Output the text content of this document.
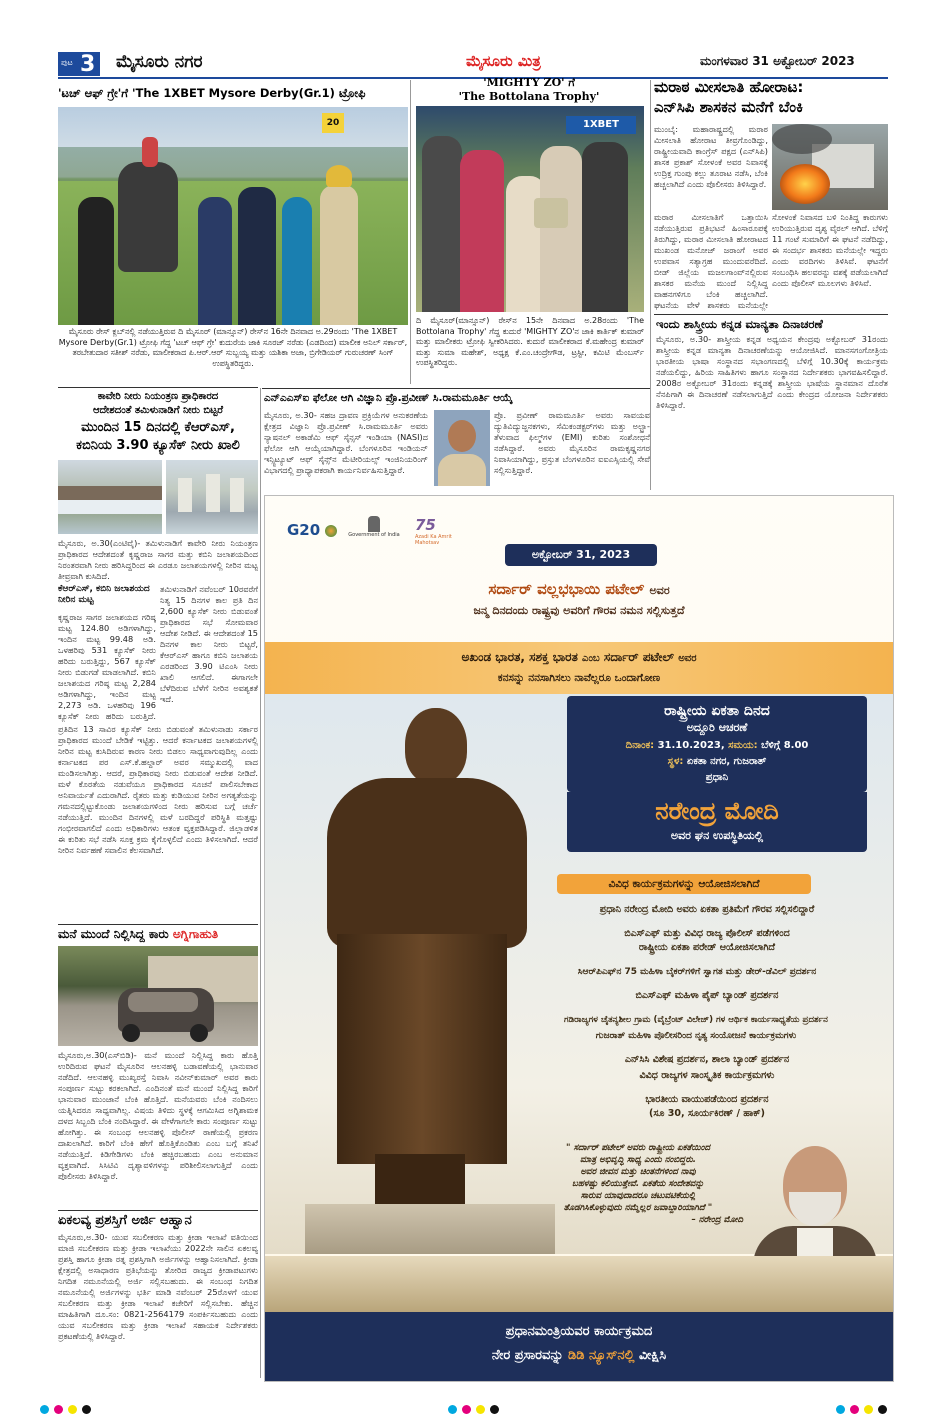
ಪುಟ 3 ಮೈಸೂರು ನಗರ	ಮೈಸೂರು ಮಿತ್ರ	ಮಂಗಳವಾರ 31 ಅಕ್ಟೋಬರ್ 2023
'ಟಚ್ ಆಫ್ ಗ್ರೇ'ಗೆ 'The 1XBET Mysore Derby(Gr.1) ಟ್ರೋಫಿ
20
ಮೈಸೂರು ರೇಸ್ ಕ್ಲಬ್‌ನಲ್ಲಿ ನಡೆಯುತ್ತಿರುವ ದಿ ಮೈಸೂರ್ (ಮಾನ್ಸೂನ್) ರೇಸ್‌ನ 16ನೇ ದಿನವಾದ ಅ.29ರಂದು 'The 1XBET Mysore Derby(Gr.1) ಟ್ರೋಫಿ ಗೆದ್ದ 'ಟಚ್ ಆಫ್ ಗ್ರೇ' ಕುದುರೆಯ ಜಾಕಿ ಸೂರಜ್ ನರೆಡು (ಎಡದಿಂದ) ಮಾಲೀಕ ಅನಿಲ್ ಸರ್ಕಾರ್, ತರಬೇತುದಾರ ಸತೀಶ್ ನರೆಡು, ಮಾಲೀಕರಾದ ಪಿ.ಆರ್.ಆರ್ ಸುಬ್ಬಯ್ಯ ಮತ್ತು ಯಶಿಕಾ ಅಜಾ, ಬ್ರಿಗೇಡಿಯರ್ ಗುರುಚರಣ್ ಸಿಂಗ್ ಉಪಸ್ಥಿತರಿದ್ದರು.
'MIGHTY ZO' ಗೆ
'The Bottolana Trophy'
1XBET
ದಿ ಮೈಸೂರ್(ಮಾನ್ಸೂನ್) ರೇಸ್‌ನ 15ನೇ ದಿನವಾದ ಅ.28ರಂದು 'The Bottolana Trophy' ಗೆದ್ದ ಕುದುರೆ 'MIGHTY ZO'ನ ಜಾಕಿ ಕಾರ್ತಿಕ್ ಕುಮಾರ್ ಮತ್ತು ಮಾಲೀಕರು ಟ್ರೋಫಿ ಸ್ವೀಕರಿಸಿದರು. ಕುದುರೆ ಮಾಲೀಕರಾದ ಕೆ.ಮಹೇಂದ್ರ ಕುಮಾರ್ ಮತ್ತು ಸುಮಾ ಮಹೇಶ್, ಅಧ್ಯಕ್ಷ ಕೆ.ಎಂ.ಚಂದ್ರೇಗೌಡ, ಟ್ರಸ್ಟೀ, ಕಮಿಟಿ ಮೆಂಬರ್ಸ್ ಉಪಸ್ಥಿತರಿದ್ದರು.
ಮರಾಠ ಮೀಸಲಾತಿ ಹೋರಾಟ:
ಎನ್‌ಸಿಪಿ ಶಾಸಕನ ಮನೆಗೆ ಬೆಂಕಿ
ಮುಂಬೈ: ಮಹಾರಾಷ್ಟ್ರದಲ್ಲಿ ಮರಾಠ ಮೀಸಲಾತಿ ಹೋರಾಟ ತೀವ್ರಗೊಂಡಿದ್ದು, ರಾಷ್ಟ್ರೀಯವಾದಿ ಕಾಂಗ್ರೆಸ್ ಪಕ್ಷದ (ಎನ್‌ಸಿಪಿ) ಶಾಸಕ ಪ್ರಕಾಶ್ ಸೋಳಂಕೆ ಅವರ ನಿವಾಸಕ್ಕೆ ಉದ್ರಿಕ್ತ ಗುಂಪು ಕಲ್ಲು ತೂರಾಟ ನಡೆಸಿ, ಬೆಂಕಿ ಹಚ್ಚಲಾಗಿದೆ ಎಂದು ಪೊಲೀಸರು ತಿಳಿಸಿದ್ದಾರೆ.
ಮರಾಠ ಮೀಸಲಾತಿಗೆ ಒತ್ತಾಯಿಸಿ ನಡೆಯುತ್ತಿರುವ ಪ್ರತಿಭಟನೆ ಹಿಂಸಾರೂಪಕ್ಕೆ ತಿರುಗಿದ್ದು, ಮರಾಠ ಮೀಸಲಾತಿ ಹೋರಾಟದ ಮುಖಂಡ ಮನೋಜ್ ಜರಾಂಗೆ ಅವರ ಉಪವಾಸ ಸತ್ಯಾಗ್ರಹ ಮುಂದುವರೆದಿದೆ. ಬೀಡ್ ಜಿಲ್ಲೆಯ ಮಜಲಗಾಂವ್‌ನಲ್ಲಿರುವ ಶಾಸಕರ ಮನೆಯ ಮುಂದೆ ನಿಲ್ಲಿಸಿದ್ದ ವಾಹನಗಳಿಗೂ ಬೆಂಕಿ ಹಚ್ಚಲಾಗಿದೆ. ಘಟನೆಯ ವೇಳೆ ಶಾಸಕರು ಮನೆಯಲ್ಲೇ
ಸೋಳಂಕೆ ನಿವಾಸದ ಬಳಿ ನಿಂತಿದ್ದ ಕಾರುಗಳು ಉರಿಯುತ್ತಿರುವ ದೃಶ್ಯ ವೈರಲ್ ಆಗಿದೆ. ಬೆಳಿಗ್ಗೆ 11 ಗಂಟೆ ಸುಮಾರಿಗೆ ಈ ಘಟನೆ ನಡೆದಿದ್ದು, ಈ ಸಂದರ್ಭ ಶಾಸಕರು ಮನೆಯಲ್ಲೇ ಇದ್ದರು ಎಂದು ವರದಿಗಳು ತಿಳಿಸಿವೆ. ಘಟನೆಗೆ ಸಂಬಂಧಿಸಿ ಹಲವರನ್ನು ವಶಕ್ಕೆ ಪಡೆಯಲಾಗಿದೆ ಎಂದು ಪೊಲೀಸ್ ಮೂಲಗಳು ತಿಳಿಸಿವೆ.
ಇಂದು ಶಾಸ್ತ್ರೀಯ ಕನ್ನಡ ಮಾನ್ಯತಾ ದಿನಾಚರಣೆ
ಮೈಸೂರು, ಅ.30- ಶಾಸ್ತ್ರೀಯ ಕನ್ನಡ ಅಧ್ಯಯನ ಕೇಂದ್ರವು ಅಕ್ಟೋಬರ್ 31ರಂದು ಶಾಸ್ತ್ರೀಯ ಕನ್ನಡ ಮಾನ್ಯತಾ ದಿನಾಚರಣೆಯನ್ನು ಆಯೋಜಿಸಿದೆ. ಮಾನಸಗಂಗೋತ್ರಿಯ ಭಾರತೀಯ ಭಾಷಾ ಸಂಸ್ಥಾನದ ಸಭಾಂಗಣದಲ್ಲಿ ಬೆಳಿಗ್ಗೆ 10.30ಕ್ಕೆ ಕಾರ್ಯಕ್ರಮ ನಡೆಯಲಿದ್ದು, ಹಿರಿಯ ಸಾಹಿತಿಗಳು ಹಾಗೂ ಸಂಸ್ಥಾನದ ನಿರ್ದೇಶಕರು ಭಾಗವಹಿಸಲಿದ್ದಾರೆ. 2008ರ ಅಕ್ಟೋಬರ್ 31ರಂದು ಕನ್ನಡಕ್ಕೆ ಶಾಸ್ತ್ರೀಯ ಭಾಷೆಯ ಸ್ಥಾನಮಾನ ದೊರೆತ ನೆನಪಿಗಾಗಿ ಈ ದಿನಾಚರಣೆ ನಡೆಸಲಾಗುತ್ತಿದೆ ಎಂದು ಕೇಂದ್ರದ ಯೋಜನಾ ನಿರ್ದೇಶಕರು ತಿಳಿಸಿದ್ದಾರೆ.
ಎನ್‌ಎಎಸ್‌ಐ ಫೆಲೋ ಆಗಿ ವಿಜ್ಞಾನಿ ಪ್ರೊ.ಪ್ರವೀಣ್ ಸಿ.ರಾಮಮೂರ್ತಿ ಆಯ್ಕೆ
ಮೈಸೂರು, ಅ.30- ಸಹಜ ದ್ರಾವಣ ಪ್ರಕ್ರಿಯೆಗಳ ಅನುಕರಣೆಯ ಕ್ಷೇತ್ರದ ವಿಜ್ಞಾನಿ ಪ್ರೊ.ಪ್ರವೀಣ್ ಸಿ.ರಾಮಮೂರ್ತಿ ಅವರು ನ್ಯಾಷನಲ್ ಅಕಾಡೆಮಿ ಆಫ್ ಸೈನ್ಸಸ್ ಇಂಡಿಯಾ (NASI)ದ ಫೆಲೋ ಆಗಿ ಆಯ್ಕೆಯಾಗಿದ್ದಾರೆ. ಬೆಂಗಳೂರಿನ ಇಂಡಿಯನ್ ಇನ್ಸ್ಟಿಟ್ಯೂಟ್ ಆಫ್ ಸೈನ್ಸ್‌ನ ಮೆಟೀರಿಯಲ್ಸ್ ಇಂಜಿನಿಯರಿಂಗ್ ವಿಭಾಗದಲ್ಲಿ ಪ್ರಾಧ್ಯಾಪಕರಾಗಿ ಕಾರ್ಯನಿರ್ವಹಿಸುತ್ತಿದ್ದಾರೆ.
ಪ್ರೊ. ಪ್ರವೀಣ್ ರಾಮಮೂರ್ತಿ ಅವರು ಸಾವಯವ ದ್ಯುತಿವಿದ್ಯುಜ್ಜನಕಗಳು, ಸೆಮಿಕಂಡಕ್ಟರ್‌ಗಳು ಮತ್ತು ಅಲ್ಟ್ರಾ-ತೆಳುವಾದ ಫಿಲ್ಮ್‌ಗಳ (EMI) ಕುರಿತು ಸಂಶೋಧನೆ ನಡೆಸಿದ್ದಾರೆ. ಅವರು ಮೈಸೂರಿನ ರಾಮಕೃಷ್ಣನಗರ ನಿವಾಸಿಯಾಗಿದ್ದು, ಪ್ರಸ್ತುತ ಬೆಂಗಳೂರಿನ ಐಐಎಸ್ಸಿಯಲ್ಲಿ ಸೇವೆ ಸಲ್ಲಿಸುತ್ತಿದ್ದಾರೆ.
ಕಾವೇರಿ ನೀರು ನಿಯಂತ್ರಣ ಪ್ರಾಧಿಕಾರದ
ಆದೇಶದಂತೆ ತಮಿಳುನಾಡಿಗೆ ನೀರು ಬಿಟ್ಟರೆ
ಮುಂದಿನ 15 ದಿನದಲ್ಲಿ ಕೆಆರ್‌ಎಸ್,
ಕಬಿನಿಯ 3.90 ಕ್ಯೂಸೆಕ್ ನೀರು ಖಾಲಿ
ಮೈಸೂರು, ಅ.30(ಎಂಟಿವೈ)- ತಮಿಳುನಾಡಿಗೆ ಕಾವೇರಿ ನೀರು ನಿಯಂತ್ರಣ ಪ್ರಾಧಿಕಾರದ ಆದೇಶದಂತೆ ಕೃಷ್ಣರಾಜ ಸಾಗರ ಮತ್ತು ಕಬಿನಿ ಜಲಾಶಯದಿಂದ ನಿರಂತರವಾಗಿ ನೀರು ಹರಿಸಿದ್ದರಿಂದ ಈ ಎರಡೂ ಜಲಾಶಯಗಳಲ್ಲಿ ನೀರಿನ ಮಟ್ಟ ತೀವ್ರವಾಗಿ ಕುಸಿದಿದೆ.
ಕೆಆರ್‌ಎಸ್, ಕಬಿನಿ ಜಲಾಶಯದ ನೀರಿನ ಮಟ್ಟ
ಕೃಷ್ಣರಾಜ ಸಾಗರ ಜಲಾಶಯದ ಗರಿಷ್ಠ ಮಟ್ಟ 124.80 ಅಡಿಗಳಾಗಿದ್ದು, ಇಂದಿನ ಮಟ್ಟ 99.48 ಅಡಿ. ಒಳಹರಿವು 531 ಕ್ಯೂಸೆಕ್ ನೀರು ಹರಿದು ಬರುತ್ತಿದ್ದು, 567 ಕ್ಯೂಸೆಕ್ ನೀರು ಬಿಡುಗಡೆ ಮಾಡಲಾಗಿದೆ. ಕಬಿನಿ ಜಲಾಶಯದ ಗರಿಷ್ಠ ಮಟ್ಟ 2,284 ಅಡಿಗಳಾಗಿದ್ದು, ಇಂದಿನ ಮಟ್ಟ 2,273 ಅಡಿ. ಒಳಹರಿವು 196 ಕ್ಯೂಸೆಕ್ ನೀರು ಹರಿದು ಬರುತ್ತಿದೆ.
ತಮಿಳುನಾಡಿಗೆ ನವೆಂಬರ್ 10ರವರೆಗೆ ನಿತ್ಯ 15 ದಿನಗಳ ಕಾಲ ಪ್ರತಿ ದಿನ 2,600 ಕ್ಯೂಸೆಕ್ ನೀರು ಬಿಡುವಂತೆ ಪ್ರಾಧಿಕಾರದ ಸಭೆ ಸೋಮವಾರ ಆದೇಶ ನೀಡಿದೆ. ಈ ಆದೇಶದಂತೆ 15 ದಿನಗಳ ಕಾಲ ನೀರು ಬಿಟ್ಟರೆ, ಕೆಆರ್‌ಎಸ್ ಹಾಗೂ ಕಬಿನಿ ಜಲಾಶಯ ಎರಡರಿಂದ 3.90 ಟಿಎಂಸಿ ನೀರು ಖಾಲಿ ಆಗಲಿದೆ. ಈಗಾಗಲೇ ಬೆಳೆದಿರುವ ಬೆಳೆಗೆ ನೀರಿನ ಅವಶ್ಯಕತೆ ಇದೆ.
ಪ್ರತಿದಿನ 13 ಸಾವಿರ ಕ್ಯೂಸೆಕ್ ನೀರು ಬಿಡುವಂತೆ ತಮಿಳುನಾಡು ಸರ್ಕಾರ ಪ್ರಾಧಿಕಾರದ ಮುಂದೆ ಬೇಡಿಕೆ ಇಟ್ಟಿತ್ತು. ಆದರೆ ಕರ್ನಾಟಕದ ಜಲಾಶಯಗಳಲ್ಲಿ ನೀರಿನ ಮಟ್ಟ ಕುಸಿದಿರುವ ಕಾರಣ ನೀರು ಬಿಡಲು ಸಾಧ್ಯವಾಗುವುದಿಲ್ಲ ಎಂದು ಕರ್ನಾಟಕದ ಪರ ಎಸ್.ಕೆ.ಹಲ್ದಾರ್ ಅವರ ಸಮ್ಮುಖದಲ್ಲಿ ವಾದ ಮಂಡಿಸಲಾಗಿತ್ತು. ಆದರೆ, ಪ್ರಾಧಿಕಾರವು ನೀರು ಬಿಡುವಂತೆ ಆದೇಶ ನೀಡಿದೆ. ಮಳೆ ಕೊರತೆಯ ನಡುವೆಯೂ ಪ್ರಾಧಿಕಾರದ ಸೂಚನೆ ಪಾಲಿಸಬೇಕಾದ ಅನಿವಾರ್ಯತೆ ಎದುರಾಗಿದೆ. ರೈತರು ಮತ್ತು ಕುಡಿಯುವ ನೀರಿನ ಅಗತ್ಯತೆಯನ್ನು ಗಮನದಲ್ಲಿಟ್ಟುಕೊಂಡು ಜಲಾಶಯಗಳಿಂದ ನೀರು ಹರಿಸುವ ಬಗ್ಗೆ ಚರ್ಚೆ ನಡೆಯುತ್ತಿದೆ. ಮುಂದಿನ ದಿನಗಳಲ್ಲಿ ಮಳೆ ಬರದಿದ್ದರೆ ಪರಿಸ್ಥಿತಿ ಮತ್ತಷ್ಟು ಗಂಭೀರವಾಗಲಿದೆ ಎಂದು ಅಧಿಕಾರಿಗಳು ಆತಂಕ ವ್ಯಕ್ತಪಡಿಸಿದ್ದಾರೆ. ಜಿಲ್ಲಾಡಳಿತ ಈ ಕುರಿತು ಸಭೆ ನಡೆಸಿ ಸೂಕ್ತ ಕ್ರಮ ಕೈಗೊಳ್ಳಲಿದೆ ಎಂದು ತಿಳಿಸಲಾಗಿದೆ. ಆದರೆ ನೀರಿನ ನಿರ್ವಹಣೆ ಸವಾಲಿನ ಕೆಲಸವಾಗಿದೆ.
ಮನೆ ಮುಂದೆ ನಿಲ್ಲಿಸಿದ್ದ ಕಾರು ಅಗ್ನಿಗಾಹುತಿ
ಮೈಸೂರು,ಅ.30(ಎಸ್‌ಬಿಡಿ)- ಮನೆ ಮುಂದೆ ನಿಲ್ಲಿಸಿದ್ದ ಕಾರು ಹೊತ್ತಿ ಉರಿದಿರುವ ಘಟನೆ ಮೈಸೂರಿನ ಆಲನಹಳ್ಳಿ ಬಡಾವಣೆಯಲ್ಲಿ ಭಾನುವಾರ ನಡೆದಿದೆ. ಆಲನಹಳ್ಳಿ ಮುಖ್ಯರಸ್ತೆ ನಿವಾಸಿ ನವೀನ್‌ಕುಮಾರ್ ಅವರ ಕಾರು ಸಂಪೂರ್ಣ ಸುಟ್ಟು ಕರಕಲಾಗಿದೆ. ಎಂದಿನಂತೆ ಮನೆ ಮುಂದೆ ನಿಲ್ಲಿಸಿದ್ದ ಕಾರಿಗೆ ಭಾನುವಾರ ಮುಂಜಾನೆ ಬೆಂಕಿ ಹೊತ್ತಿದೆ. ಮನೆಯವರು ಬೆಂಕಿ ನಂದಿಸಲು ಯತ್ನಿಸಿದರೂ ಸಾಧ್ಯವಾಗಿಲ್ಲ. ವಿಷಯ ತಿಳಿದು ಸ್ಥಳಕ್ಕೆ ಆಗಮಿಸಿದ ಅಗ್ನಿಶಾಮಕ ದಳದ ಸಿಬ್ಬಂದಿ ಬೆಂಕಿ ನಂದಿಸಿದ್ದಾರೆ. ಈ ವೇಳೆಗಾಗಲೇ ಕಾರು ಸಂಪೂರ್ಣ ಸುಟ್ಟು ಹೋಗಿತ್ತು. ಈ ಸಂಬಂಧ ಆಲನಹಳ್ಳಿ ಪೊಲೀಸ್ ಠಾಣೆಯಲ್ಲಿ ಪ್ರಕರಣ ದಾಖಲಾಗಿದೆ. ಕಾರಿಗೆ ಬೆಂಕಿ ಹೇಗೆ ಹೊತ್ತಿಕೊಂಡಿತು ಎಂಬ ಬಗ್ಗೆ ತನಿಖೆ ನಡೆಯುತ್ತಿದೆ. ಕಿಡಿಗೇಡಿಗಳು ಬೆಂಕಿ ಹಚ್ಚಿರಬಹುದು ಎಂಬ ಅನುಮಾನ ವ್ಯಕ್ತವಾಗಿದೆ. ಸಿಸಿಟಿವಿ ದೃಶ್ಯಾವಳಿಗಳನ್ನು ಪರಿಶೀಲಿಸಲಾಗುತ್ತಿದೆ ಎಂದು ಪೊಲೀಸರು ತಿಳಿಸಿದ್ದಾರೆ.
ಏಕಲವ್ಯ ಪ್ರಶಸ್ತಿಗೆ ಅರ್ಜಿ ಆಹ್ವಾನ
ಮೈಸೂರು,ಅ.30- ಯುವ ಸಬಲೀಕರಣ ಮತ್ತು ಕ್ರೀಡಾ ಇಲಾಖೆ ವತಿಯಿಂದ ಮಾಜಿ ಸಬಲೀಕರಣ ಮತ್ತು ಕ್ರೀಡಾ ಇಲಾಖೆಯು 2022ನೇ ಸಾಲಿನ ಏಕಲವ್ಯ ಪ್ರಶಸ್ತಿ ಹಾಗೂ ಕ್ರೀಡಾ ರತ್ನ ಪ್ರಶಸ್ತಿಗಾಗಿ ಅರ್ಜಿಗಳನ್ನು ಆಹ್ವಾನಿಸಲಾಗಿದೆ. ಕ್ರೀಡಾ ಕ್ಷೇತ್ರದಲ್ಲಿ ಅಸಾಧಾರಣ ಪ್ರತಿಭೆಯನ್ನು ತೋರಿದ ರಾಜ್ಯದ ಕ್ರೀಡಾಪಟುಗಳು ನಿಗದಿತ ನಮೂನೆಯಲ್ಲಿ ಅರ್ಜಿ ಸಲ್ಲಿಸಬಹುದು. ಈ ಸಂಬಂಧ ನಿಗದಿತ ನಮೂನೆಯಲ್ಲಿ ಅರ್ಜಿಗಳನ್ನು ಭರ್ತಿ ಮಾಡಿ ನವೆಂಬರ್ 25ರೊಳಗೆ ಯುವ ಸಬಲೀಕರಣ ಮತ್ತು ಕ್ರೀಡಾ ಇಲಾಖೆ ಕಚೇರಿಗೆ ಸಲ್ಲಿಸಬೇಕು. ಹೆಚ್ಚಿನ ಮಾಹಿತಿಗಾಗಿ ದೂ.ಸಂ: 0821-2564179 ಸಂಪರ್ಕಿಸಬಹುದು ಎಂದು ಯುವ ಸಬಲೀಕರಣ ಮತ್ತು ಕ್ರೀಡಾ ಇಲಾಖೆ ಸಹಾಯಕ ನಿರ್ದೇಶಕರು ಪ್ರಕಟಣೆಯಲ್ಲಿ ತಿಳಿಸಿದ್ದಾರೆ.
G20	Government of India
75
Azadi Ka Amrit Mahotsav
ಅಕ್ಟೋಬರ್ 31, 2023
ಸರ್ದಾರ್ ವಲ್ಲಭಭಾಯಿ ಪಟೇಲ್ ಅವರ
ಜನ್ಮ ದಿನದಂದು ರಾಷ್ಟ್ರವು ಅವರಿಗೆ ಗೌರವ ನಮನ ಸಲ್ಲಿಸುತ್ತದೆ
ಅಖಂಡ ಭಾರತ, ಸಶಕ್ತ ಭಾರತ ಎಂಬ ಸರ್ದಾರ್ ಪಟೇಲ್ ಅವರ
ಕನಸನ್ನು ನನಸಾಗಿಸಲು ನಾವೆಲ್ಲರೂ ಒಂದಾಗೋಣ
ರಾಷ್ಟ್ರೀಯ ಏಕತಾ ದಿನದ
ಅದ್ದೂರಿ ಆಚರಣೆ
ದಿನಾಂಕ: 31.10.2023, ಸಮಯ: ಬೆಳಿಗ್ಗೆ 8.00
ಸ್ಥಳ: ಏಕತಾ ನಗರ, ಗುಜರಾತ್
ಪ್ರಧಾನಿ
ನರೇಂದ್ರ ಮೋದಿ
ಅವರ ಘನ ಉಪಸ್ಥಿತಿಯಲ್ಲಿ
ವಿವಿಧ ಕಾರ್ಯಕ್ರಮಗಳನ್ನು ಆಯೋಜಿಸಲಾಗಿದೆ
ಪ್ರಧಾನಿ ನರೇಂದ್ರ ಮೋದಿ ಅವರು ಏಕತಾ ಪ್ರತಿಮೆಗೆ ಗೌರವ ಸಲ್ಲಿಸಲಿದ್ದಾರೆ
ಬಿಎಸ್‌ಎಫ್ ಮತ್ತು ವಿವಿಧ ರಾಜ್ಯ ಪೊಲೀಸ್ ಪಡೆಗಳಿಂದ
ರಾಷ್ಟ್ರೀಯ ಏಕತಾ ಪರೇಡ್ ಆಯೋಜಿಸಲಾಗಿದೆ
ಸಿಆರ್‌ಪಿಎಫ್‌ನ 75 ಮಹಿಳಾ ಬೈಕರ್‌ಗಳಿಗೆ ಸ್ವಾಗತ ಮತ್ತು ಡೇರ್-ಡೆವಿಲ್ ಪ್ರದರ್ಶನ
ಬಿಎಸ್‌ಎಫ್ ಮಹಿಳಾ ಪೈಪ್ ಬ್ಯಾಂಡ್ ಪ್ರದರ್ಶನ
ಗಡಿರಾಜ್ಯಗಳ ಚೈತನ್ಯಶೀಲ ಗ್ರಾಮ (ವೈಬ್ರೆಂಟ್ ವಿಲೇಜ್) ಗಳ ಆರ್ಥಿಕ ಕಾರ್ಯಸಾಧ್ಯತೆಯ ಪ್ರದರ್ಶನ
ಗುಜರಾತ್ ಮಹಿಳಾ ಪೊಲೀಸರಿಂದ ನೃತ್ಯ ಸಂಯೋಜನೆ ಕಾರ್ಯಕ್ರಮಗಳು
ಎನ್‌ಸಿಸಿ ವಿಶೇಷ ಪ್ರದರ್ಶನ, ಶಾಲಾ ಬ್ಯಾಂಡ್ ಪ್ರದರ್ಶನ
ವಿವಿಧ ರಾಜ್ಯಗಳ ಸಾಂಸ್ಕೃತಿಕ ಕಾರ್ಯಕ್ರಮಗಳು
ಭಾರತೀಯ ವಾಯುಪಡೆಯಿಂದ ಪ್ರದರ್ಶನ
(ಸೂ 30, ಸೂರ್ಯಕಿರಣ್ / ಹಾಕ್)
" ಸರ್ದಾರ್ ಪಟೇಲ್ ಅವರು ರಾಷ್ಟ್ರೀಯ ಏಕತೆಯಿಂದ
ಮಾತ್ರ ಅಭಿವೃದ್ಧಿ ಸಾಧ್ಯ ಎಂದು ನಂಬಿದ್ದರು.
ಅವರ ಜೀವನ ಮತ್ತು ಚಿಂತನೆಗಳಿಂದ ನಾವು
ಬಹಳಷ್ಟು ಕಲಿಯುತ್ತೇವೆ. ಏಕತೆಯ ಸಂದೇಶವನ್ನು
ಸಾರುವ ಯಾವುದಾದರೂ ಚಟುವಟಿಕೆಯಲ್ಲಿ
ತೊಡಗಿಸಿಕೊಳ್ಳುವುದು ನಮ್ಮೆಲ್ಲರ ಜವಾಬ್ದಾರಿಯಾಗಿದೆ "
– ನರೇಂದ್ರ ಮೋದಿ
ಪ್ರಧಾನಮಂತ್ರಿಯವರ ಕಾರ್ಯಕ್ರಮದ
ನೇರ ಪ್ರಸಾರವನ್ನು ಡಿಡಿ ನ್ಯೂಸ್‌ನಲ್ಲಿ ವೀಕ್ಷಿಸಿ
